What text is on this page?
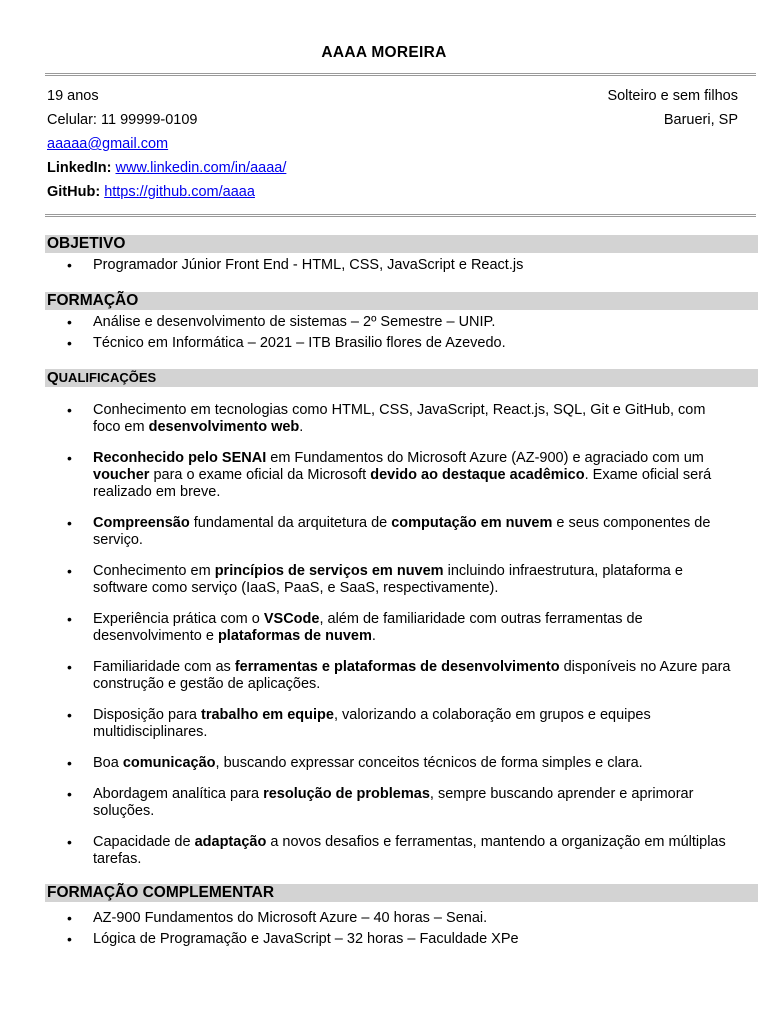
AAAA MOREIRA
19 anos
Celular: 11 99999-0109
aaaaa@gmail.com
LinkedIn: www.linkedin.com/in/aaaa/
GitHub: https://github.com/aaaa
Solteiro e sem filhos
Barueri, SP
OBJETIVO
• Programador Júnior Front End - HTML, CSS, JavaScript e React.js
FORMAÇÃO
• Análise e desenvolvimento de sistemas – 2º Semestre – UNIP.
• Técnico em Informática – 2021 – ITB Brasilio flores de Azevedo.
QUALIFICAÇÕES
• Conhecimento em tecnologias como HTML, CSS, JavaScript, React.js, SQL, Git e GitHub, com foco em desenvolvimento web.
• Reconhecido pelo SENAI em Fundamentos do Microsoft Azure (AZ-900) e agraciado com um voucher para o exame oficial da Microsoft devido ao destaque acadêmico. Exame oficial será realizado em breve.
• Compreensão fundamental da arquitetura de computação em nuvem e seus componentes de serviço.
• Conhecimento em princípios de serviços em nuvem incluindo infraestrutura, plataforma e software como serviço (IaaS, PaaS, e SaaS, respectivamente).
• Experiência prática com o VSCode, além de familiaridade com outras ferramentas de desenvolvimento e plataformas de nuvem.
• Familiaridade com as ferramentas e plataformas de desenvolvimento disponíveis no Azure para construção e gestão de aplicações.
• Disposição para trabalho em equipe, valorizando a colaboração em grupos e equipes multidisciplinares.
• Boa comunicação, buscando expressar conceitos técnicos de forma simples e clara.
• Abordagem analítica para resolução de problemas, sempre buscando aprender e aprimorar soluções.
• Capacidade de adaptação a novos desafios e ferramentas, mantendo a organização em múltiplas tarefas.
FORMAÇÃO COMPLEMENTAR
• AZ-900 Fundamentos do Microsoft Azure – 40 horas – Senai.
• Lógica de Programação e JavaScript – 32 horas – Faculdade XPe
